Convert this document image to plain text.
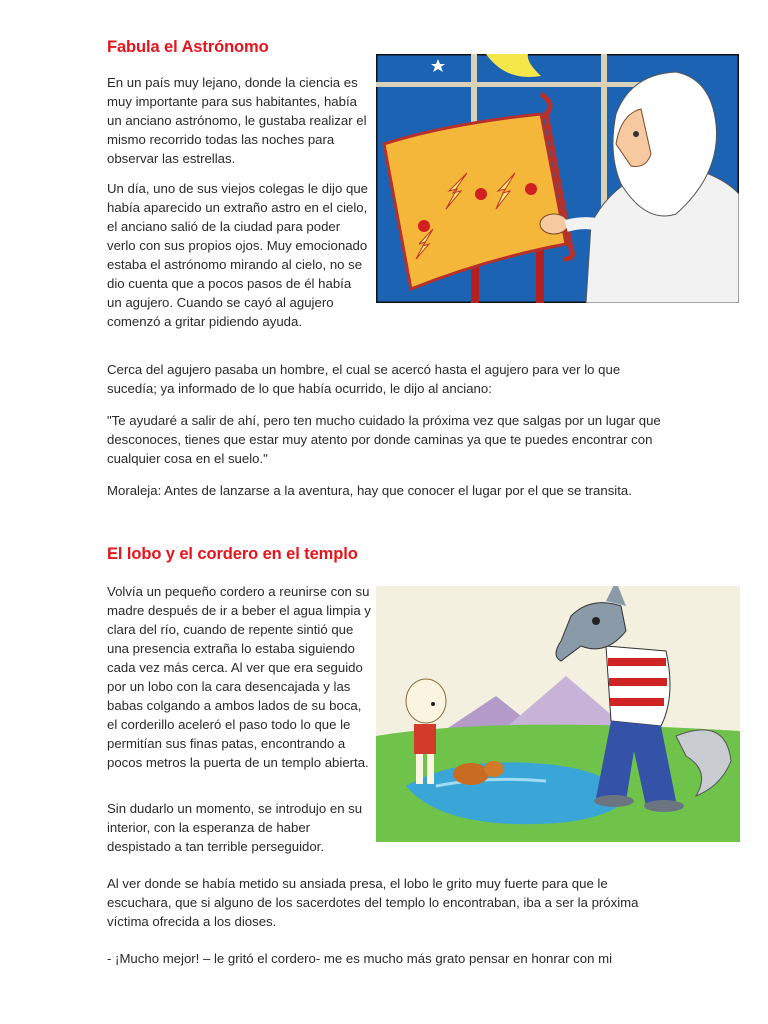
Fabula el Astrónomo

En un país muy lejano, donde la ciencia es muy importante para sus habitantes, había un anciano astrónomo, le gustaba realizar el mismo recorrido todas las noches para observar las estrellas.

Un día, uno de sus viejos colegas le dijo que había aparecido un extraño astro en el cielo, el anciano salió de la ciudad para poder verlo con sus propios ojos. Muy emocionado estaba el astrónomo mirando al cielo, no se dio cuenta que a pocos pasos de él había un agujero. Cuando se cayó al agujero comenzó a gritar pidiendo ayuda.

Cerca del agujero pasaba un hombre, el cual se acercó hasta el agujero para ver lo que sucedía; ya informado de lo que había ocurrido, le dijo al anciano:

"Te ayudaré a salir de ahí, pero ten mucho cuidado la próxima vez que salgas por un lugar que desconoces, tienes que estar muy atento por donde caminas ya que te puedes encontrar con cualquier cosa en el suelo."

Moraleja: Antes de lanzarse a la aventura, hay que conocer el lugar por el que se transita.

El lobo y el cordero en el templo

Volvía un pequeño cordero a reunirse con su madre después de ir a beber el agua limpia y clara del río, cuando de repente sintió que una presencia extraña lo estaba siguiendo cada vez más cerca. Al ver que era seguido por un lobo con la cara desencajada y las babas colgando a ambos lados de su boca, el corderillo aceleró el paso todo lo que le permitían sus finas patas, encontrando a pocos metros la puerta de un templo abierta.

Sin dudarlo un momento, se introdujo en su interior, con la esperanza de haber despistado a tan terrible perseguidor.

Al ver donde se había metido su ansiada presa, el lobo le grito muy fuerte para que le escuchara, que si alguno de los sacerdotes del templo lo encontraban, iba a ser la próxima víctima ofrecida a los dioses.

- ¡Mucho mejor! – le gritó el cordero- me es mucho más grato pensar en honrar con mi
